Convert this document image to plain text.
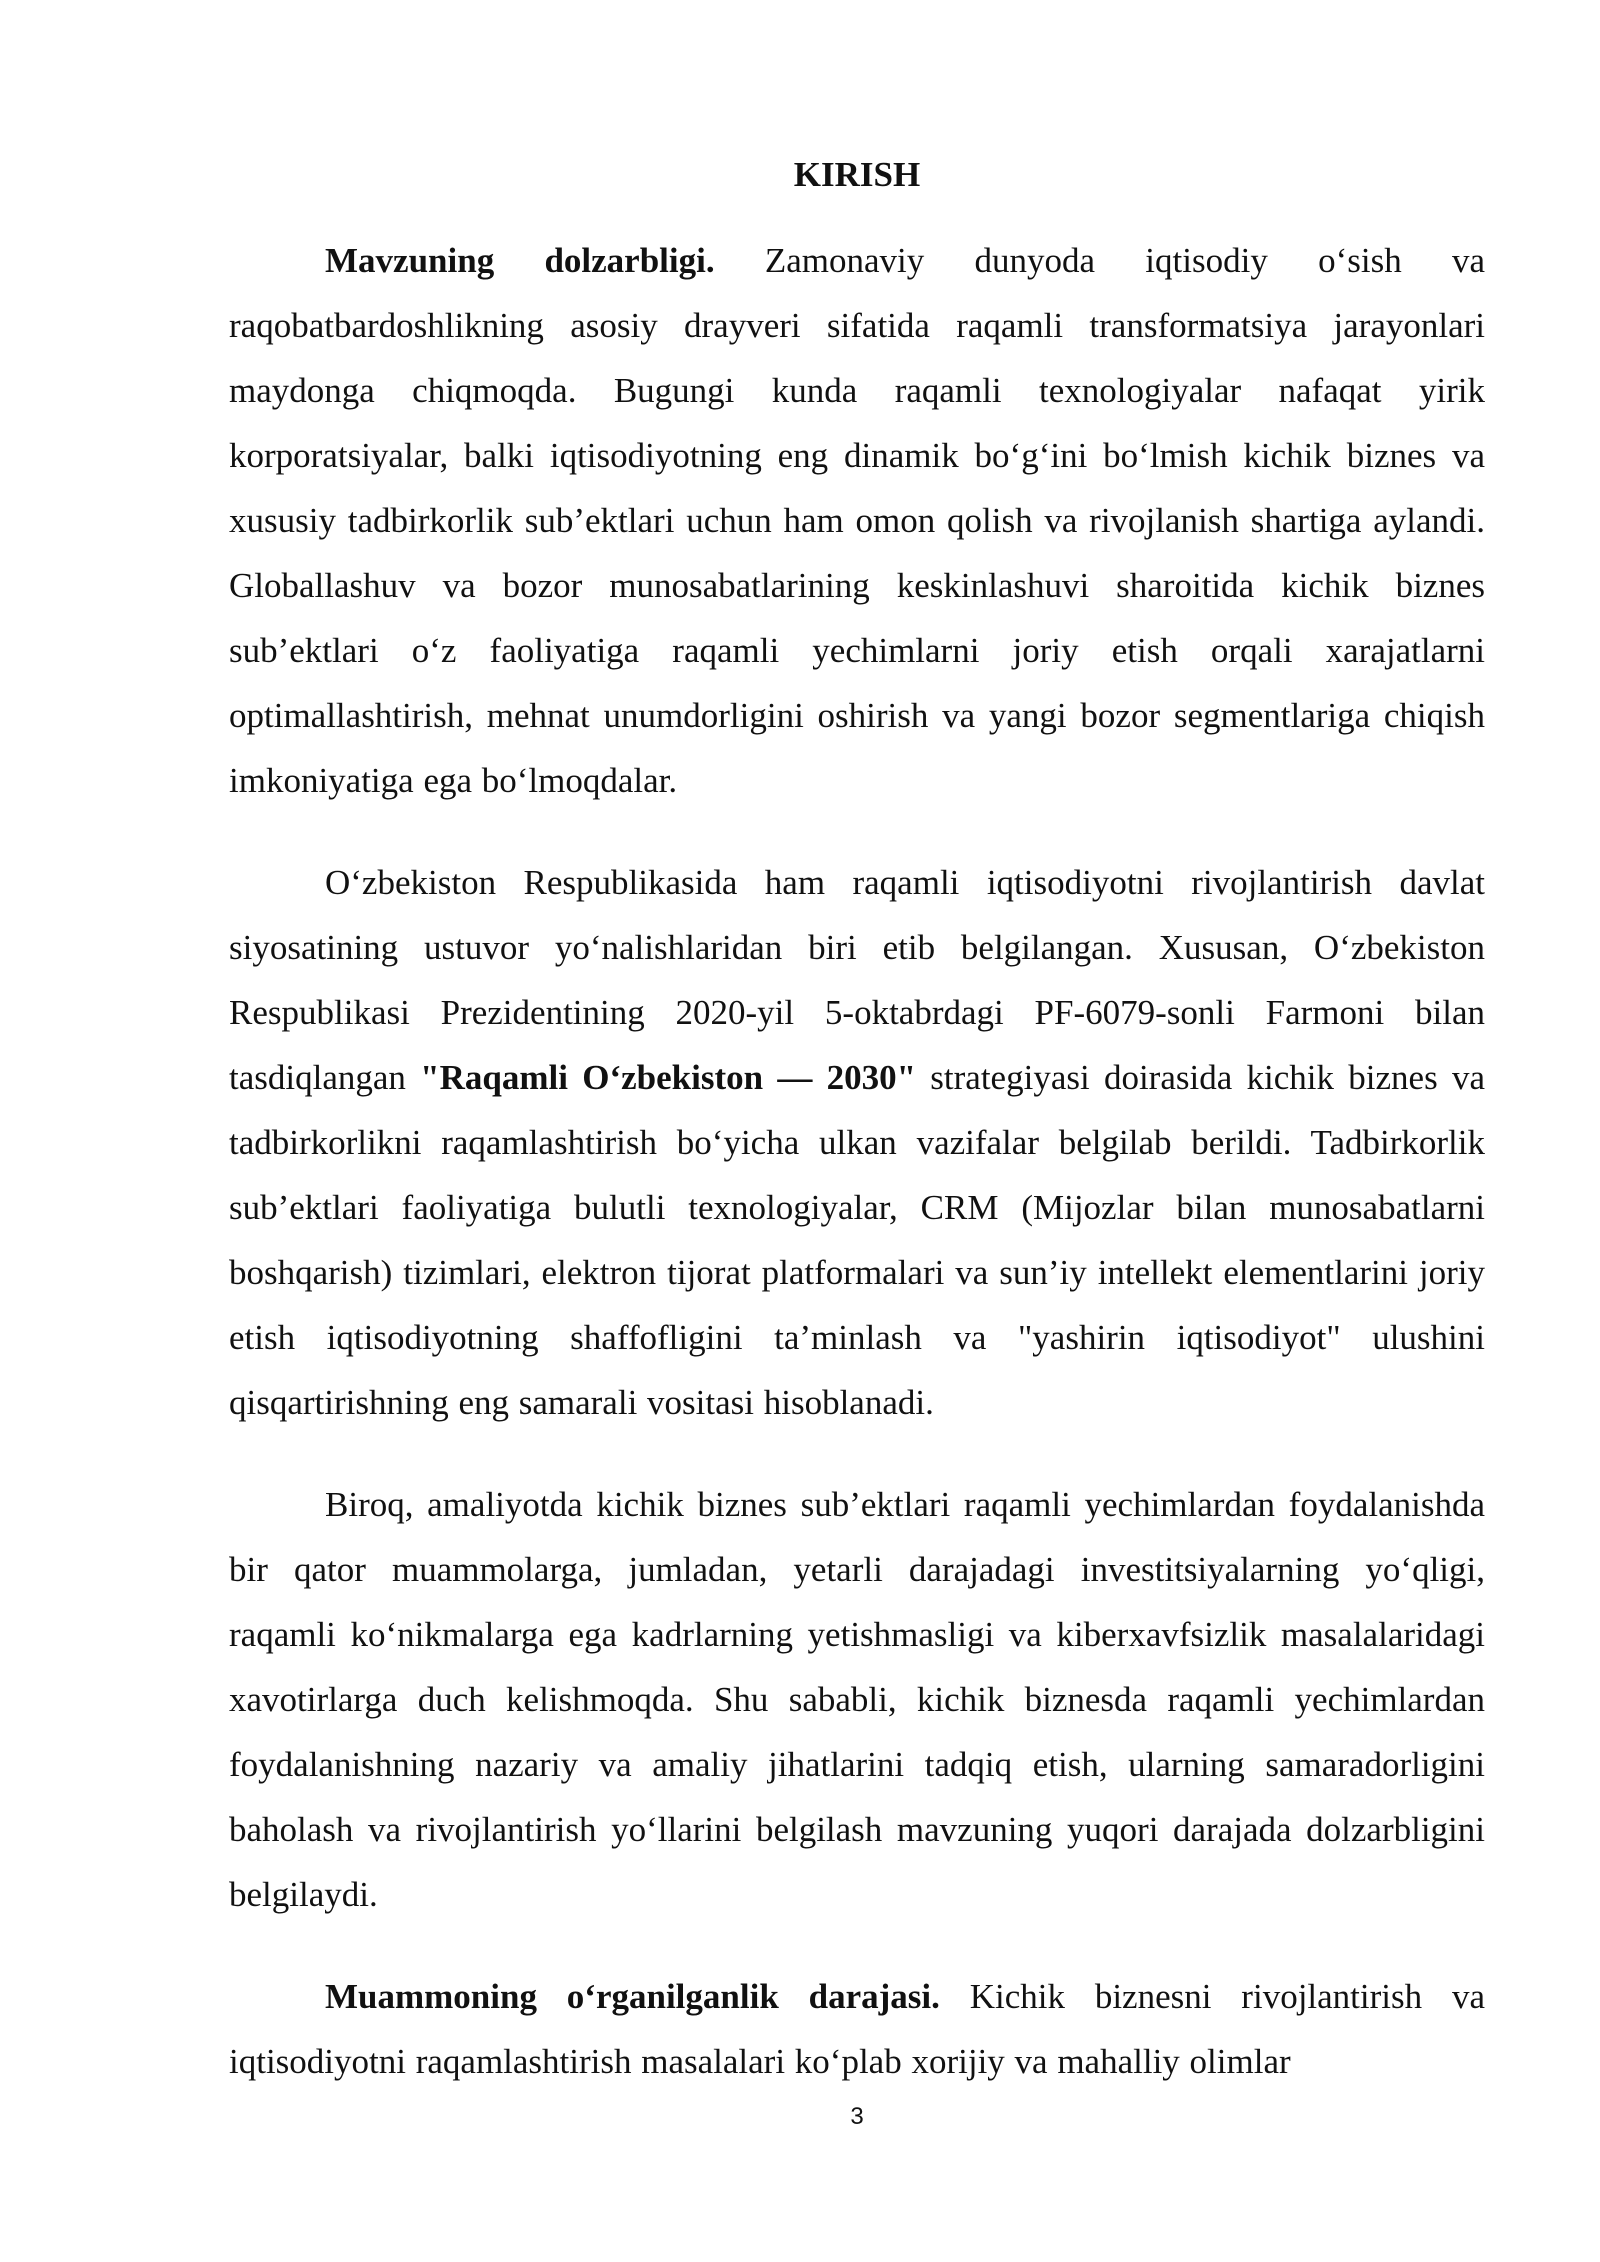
KIRISH

Mavzuning dolzarbligi. Zamonaviy dunyoda iqtisodiy o‘sish va raqobatbardoshlikning asosiy drayveri sifatida raqamli transformatsiya jarayonlari maydonga chiqmoqda. Bugungi kunda raqamli texnologiyalar nafaqat yirik korporatsiyalar, balki iqtisodiyotning eng dinamik bo‘g‘ini bo‘lmish kichik biznes va xususiy tadbirkorlik sub’ektlari uchun ham omon qolish va rivojlanish shartiga aylandi. Globallashuv va bozor munosabatlarining keskinlashuvi sharoitida kichik biznes sub’ektlari o‘z faoliyatiga raqamli yechimlarni joriy etish orqali xarajatlarni optimallashtirish, mehnat unumdorligini oshirish va yangi bozor segmentlariga chiqish imkoniyatiga ega bo‘lmoqdalar.

O‘zbekiston Respublikasida ham raqamli iqtisodiyotni rivojlantirish davlat siyosatining ustuvor yo‘nalishlaridan biri etib belgilangan. Xususan, O‘zbekiston Respublikasi Prezidentining 2020-yil 5-oktabrdagi PF-6079-sonli Farmoni bilan tasdiqlangan "Raqamli O‘zbekiston — 2030" strategiyasi doirasida kichik biznes va tadbirkorlikni raqamlashtirish bo‘yicha ulkan vazifalar belgilab berildi. Tadbirkorlik sub’ektlari faoliyatiga bulutli texnologiyalar, CRM (Mijozlar bilan munosabatlarni boshqarish) tizimlari, elektron tijorat platformalari va sun’iy intellekt elementlarini joriy etish iqtisodiyotning shaffofligini ta’minlash va "yashirin iqtisodiyot" ulushini qisqartirishning eng samarali vositasi hisoblanadi.

Biroq, amaliyotda kichik biznes sub’ektlari raqamli yechimlardan foydalanishda bir qator muammolarga, jumladan, yetarli darajadagi investitsiyalarning yo‘qligi, raqamli ko‘nikmalarga ega kadrlarning yetishmasligi va kiberxavfsizlik masalalaridagi xavotirlarga duch kelishmoqda. Shu sababli, kichik biznesda raqamli yechimlardan foydalanishning nazariy va amaliy jihatlarini tadqiq etish, ularning samaradorligini baholash va rivojlantirish yo‘llarini belgilash mavzuning yuqori darajada dolzarbligini belgilaydi.

Muammoning o‘rganilganlik darajasi. Kichik biznesni rivojlantirish va iqtisodiyotni raqamlashtirish masalalari ko‘plab xorijiy va mahalliy olimlar

3
